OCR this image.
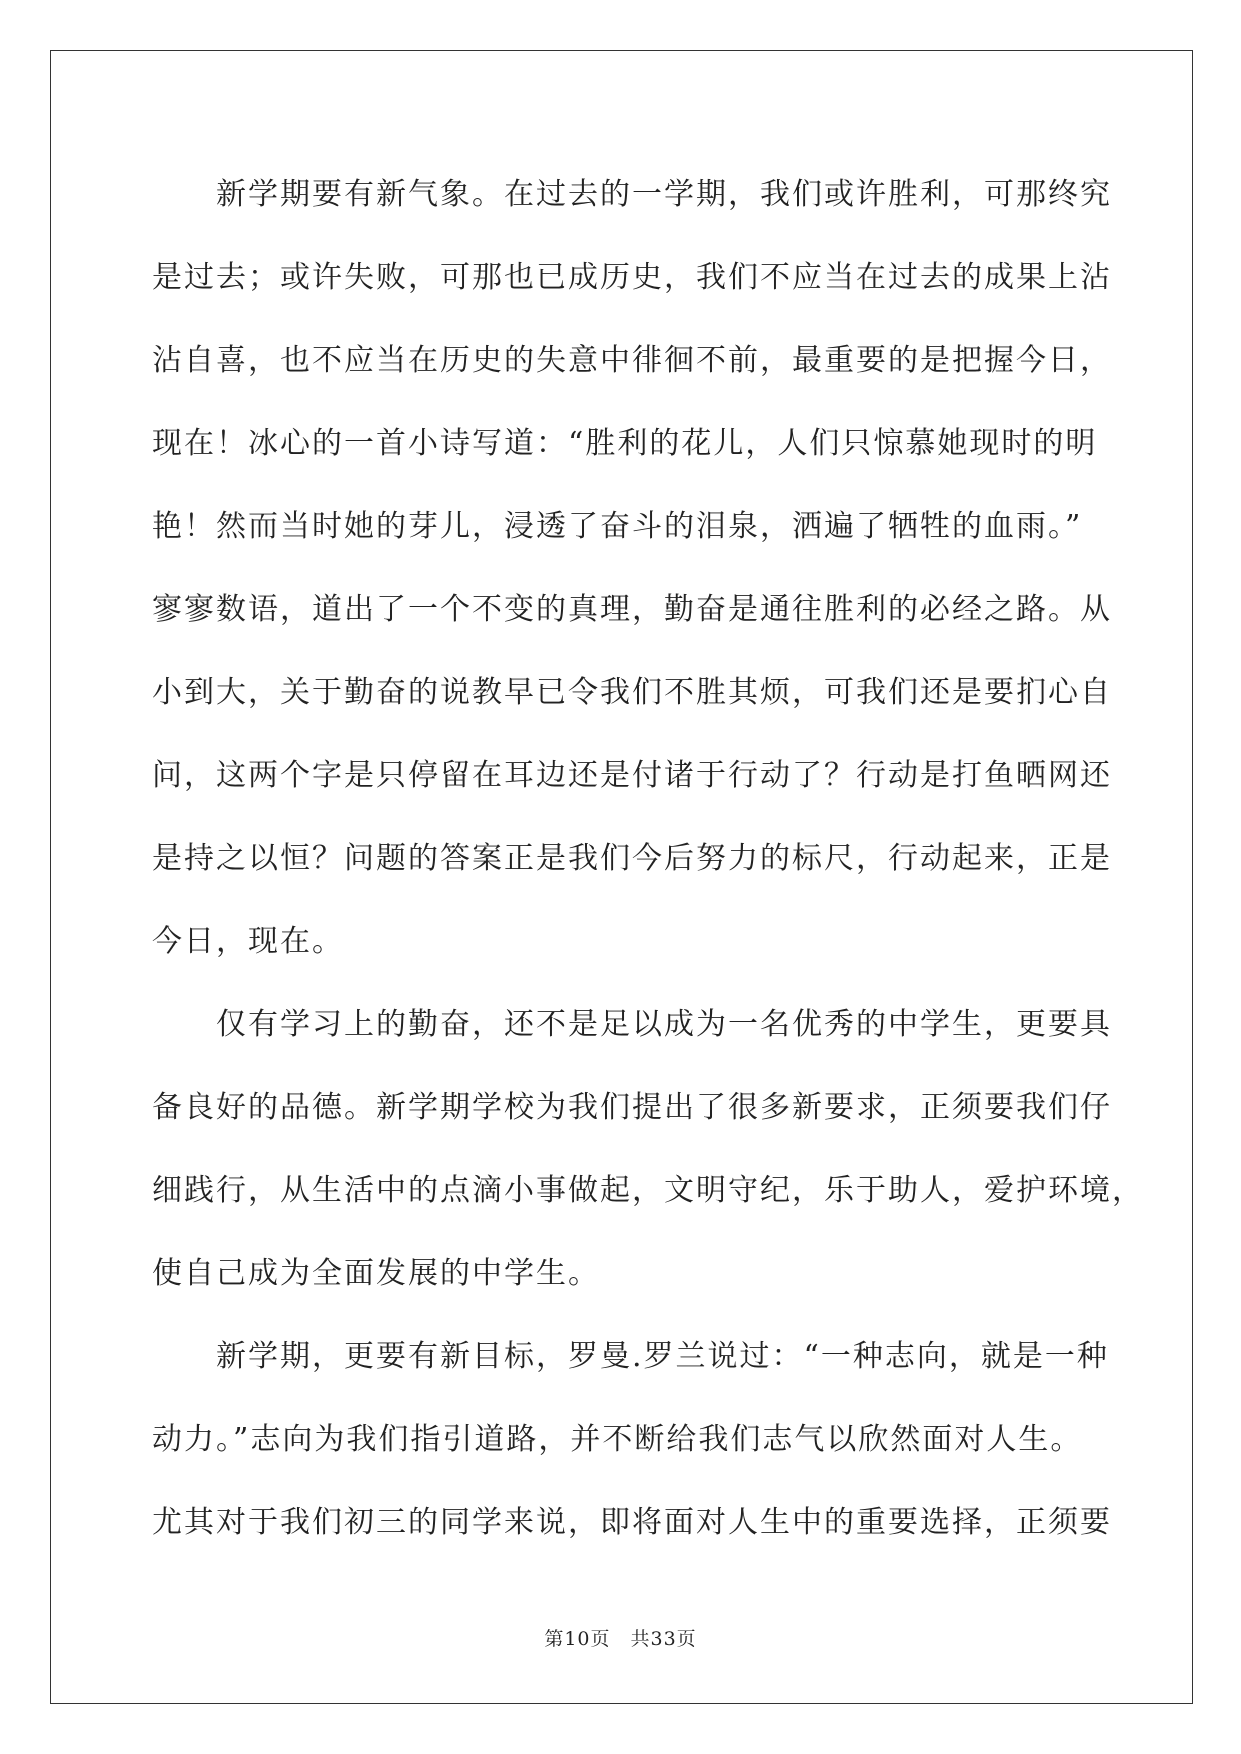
新学期要有新气象。在过去的一学期，我们或许胜利，可那终究
是过去；或许失败，可那也已成历史，我们不应当在过去的成果上沾
沾自喜，也不应当在历史的失意中徘徊不前，最重要的是把握今日，
现在！冰心的一首小诗写道：“胜利的花儿，人们只惊慕她现时的明
艳！然而当时她的芽儿，浸透了奋斗的泪泉，洒遍了牺牲的血雨。”
寥寥数语，道出了一个不变的真理，勤奋是通往胜利的必经之路。从
小到大，关于勤奋的说教早已令我们不胜其烦，可我们还是要扪心自
问，这两个字是只停留在耳边还是付诸于行动了？行动是打鱼晒网还
是持之以恒？问题的答案正是我们今后努力的标尺，行动起来，正是
今日，现在。
仅有学习上的勤奋，还不是足以成为一名优秀的中学生，更要具
备良好的品德。新学期学校为我们提出了很多新要求，正须要我们仔
细践行，从生活中的点滴小事做起，文明守纪，乐于助人，爱护环境，
使自己成为全面发展的中学生。
新学期，更要有新目标，罗曼.罗兰说过：“一种志向，就是一种
动力。”志向为我们指引道路，并不断给我们志气以欣然面对人生。
尤其对于我们初三的同学来说，即将面对人生中的重要选择，正须要
第10页 共33页
